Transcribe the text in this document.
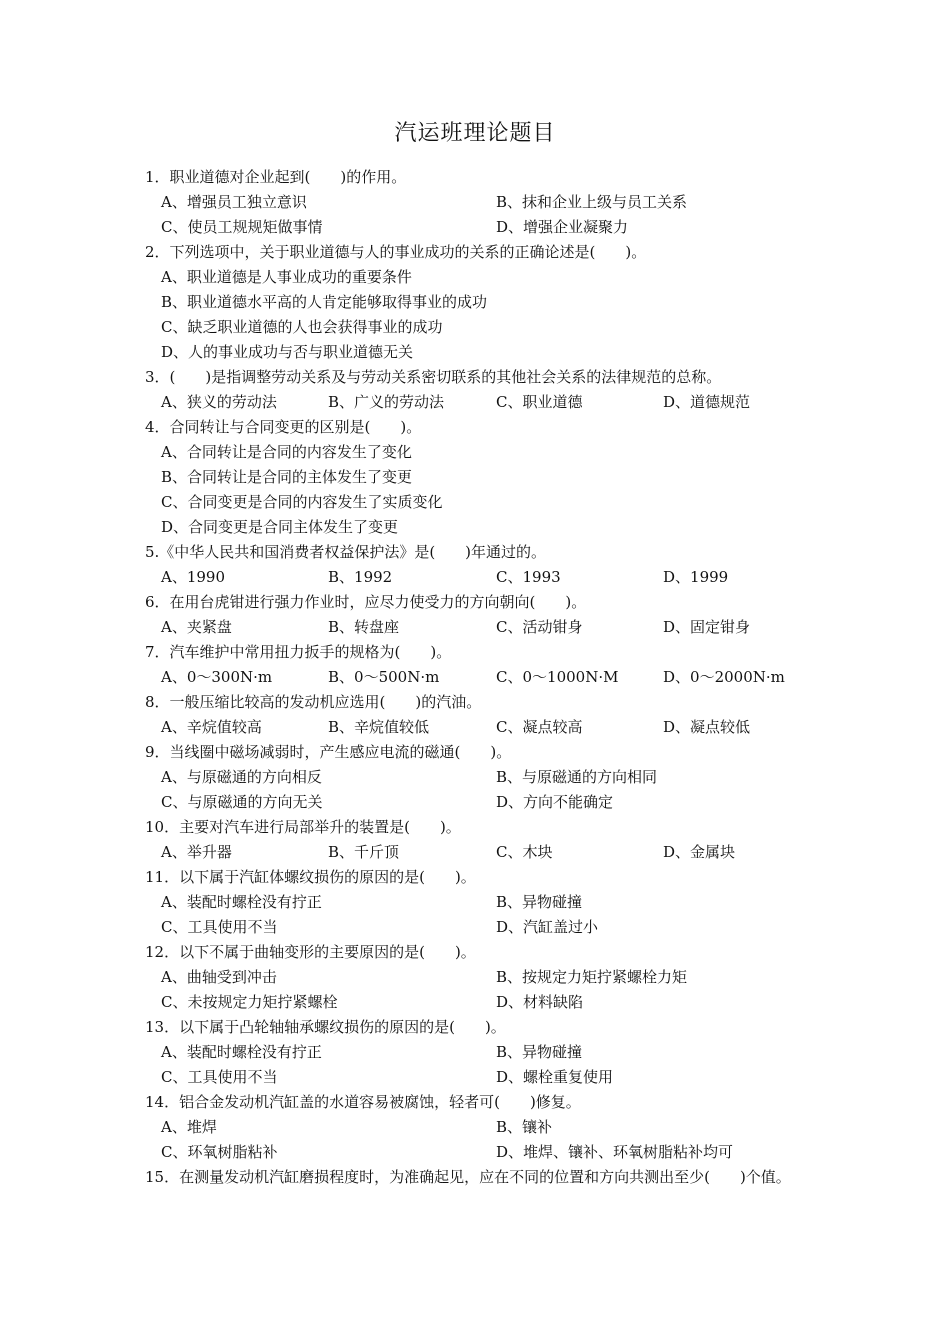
汽运班理论题目
1．职业道德对企业起到(　　)的作用。
A、增强员工独立意识	B、抹和企业上级与员工关系
C、使员工规规矩做事情	D、增强企业凝聚力
2．下列选项中，关于职业道德与人的事业成功的关系的正确论述是(　　)。
A、职业道德是人事业成功的重要条件
B、职业道德水平高的人肯定能够取得事业的成功
C、缺乏职业道德的人也会获得事业的成功
D、人的事业成功与否与职业道德无关
3．(　　)是指调整劳动关系及与劳动关系密切联系的其他社会关系的法律规范的总称。
A、狭义的劳动法	B、广义的劳动法	C、职业道德	D、道德规范
4．合同转让与合同变更的区别是(　　)。
A、合同转让是合同的内容发生了变化
B、合同转让是合同的主体发生了变更
C、合同变更是合同的内容发生了实质变化
D、合同变更是合同主体发生了变更
5.《中华人民共和国消费者权益保护法》是(　　)年通过的。
A、1990	B、1992	C、1993	D、1999
6．在用台虎钳进行强力作业时，应尽力使受力的方向朝向(　　)。
A、夹紧盘	B、转盘座	C、活动钳身	D、固定钳身
7．汽车维护中常用扭力扳手的规格为(　　)。
A、0～300N·m	B、0～500N·m	C、0～1000N·M	D、0～2000N·m
8．一般压缩比较高的发动机应选用(　　)的汽油。
A、辛烷值较高	B、辛烷值较低	C、凝点较高	D、凝点较低
9．当线圈中磁场减弱时，产生感应电流的磁通(　　)。
A、与原磁通的方向相反	B、与原磁通的方向相同
C、与原磁通的方向无关	D、方向不能确定
10．主要对汽车进行局部举升的装置是(　　)。
A、举升器	B、千斤顶	C、木块	D、金属块
11．以下属于汽缸体螺纹损伤的原因的是(　　)。
A、装配时螺栓没有拧正	B、异物碰撞
C、工具使用不当	D、汽缸盖过小
12．以下不属于曲轴变形的主要原因的是(　　)。
A、曲轴受到冲击	B、按规定力矩拧紧螺栓力矩
C、未按规定力矩拧紧螺栓	D、材料缺陷
13．以下属于凸轮轴轴承螺纹损伤的原因的是(　　)。
A、装配时螺栓没有拧正	B、异物碰撞
C、工具使用不当	D、螺栓重复使用
14．铝合金发动机汽缸盖的水道容易被腐蚀，轻者可(　　)修复。
A、堆焊	B、镶补
C、环氧树脂粘补	D、堆焊、镶补、环氧树脂粘补均可
15．在测量发动机汽缸磨损程度时，为准确起见，应在不同的位置和方向共测出至少(　　)个值。
